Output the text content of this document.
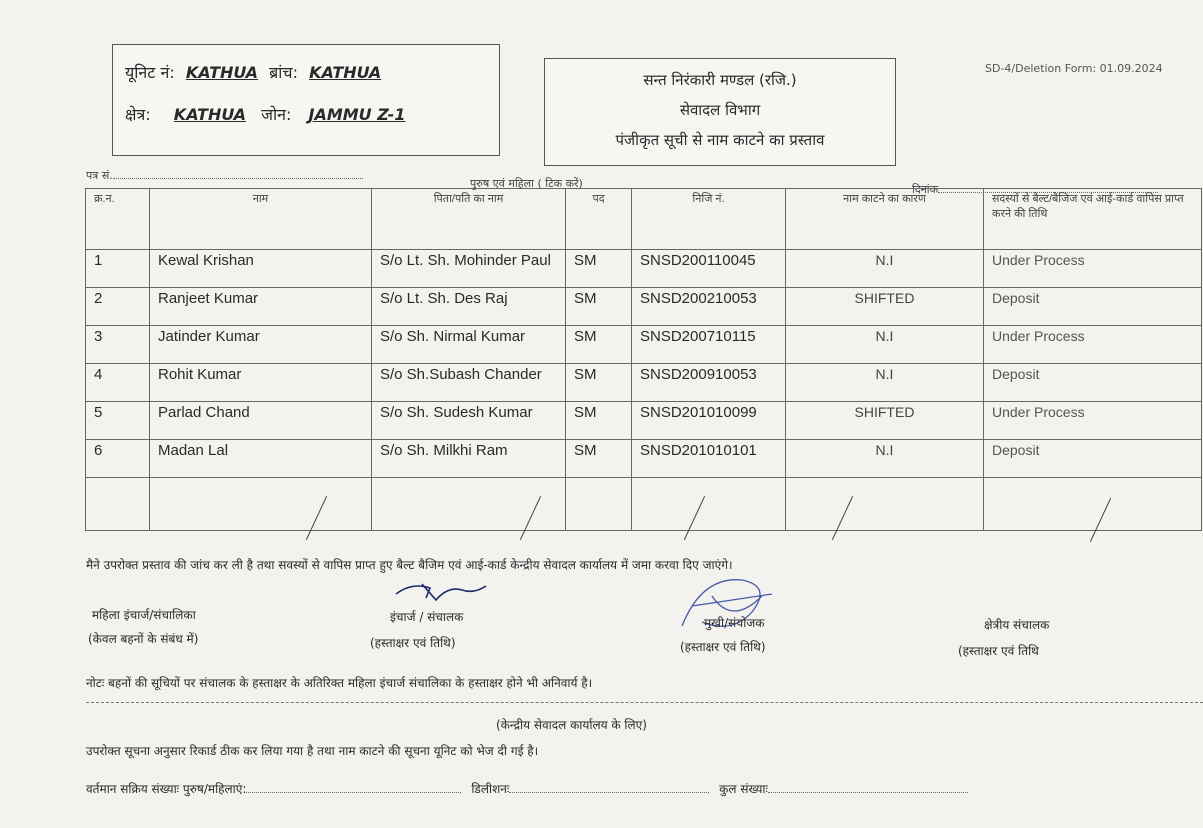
यूनिट नं: KATHUA ब्रांच: KATHUA
क्षेत्र: KATHUA जोन: JAMMU Z-1
सन्त निरंकारी मण्डल (रजि.)
सेवादल विभाग
पंजीकृत सूची से नाम काटने का प्रस्ताव
SD-4/Deletion Form: 01.09.2024
पत्र सं.
पुरुष एवं महिला ( टिक करें)	दिनांक
क्र.न.	नाम	पिता/पति का नाम	पद	निजि नं.	नाम काटने का कारण	सदस्यों से बैल्ट/बैजिज एवं आई-कार्ड वापिस प्राप्त करने की तिथि
1	Kewal Krishan	S/o Lt. Sh. Mohinder Paul	SM	SNSD200110045	N.I	Under Process
2	Ranjeet Kumar	S/o Lt. Sh. Des Raj	SM	SNSD200210053	SHIFTED	Deposit
3	Jatinder Kumar	S/o Sh. Nirmal Kumar	SM	SNSD200710115	N.I	Under Process
4	Rohit Kumar	S/o Sh.Subash Chander	SM	SNSD200910053	N.I	Deposit
5	Parlad Chand	S/o Sh. Sudesh Kumar	SM	SNSD201010099	SHIFTED	Under Process
6	Madan Lal	S/o Sh. Milkhi Ram	SM	SNSD201010101	N.I	Deposit

मैने उपरोक्त प्रस्ताव की जांच कर ली है तथा सवस्यों से वापिस प्राप्त हुए बैल्ट बैजिम एवं आई-कार्ड केन्द्रीय सेवादल कार्यालय में जमा करवा दिए जाएंगे।
महिला इंचार्ज/संचालिका
(केवल बहनों के संबंध में)
इंचार्ज / संचालक
(हस्ताक्षर एवं तिथि)
मुखी/संयोजक
(हस्ताक्षर एवं तिथि)
क्षेत्रीय संचालक
(हस्ताक्षर एवं तिथि
नोटः बहनों की सूचियों पर संचालक के हस्ताक्षर के अतिरिक्त महिला इंचार्ज संचालिका के हस्ताक्षर होने भी अनिवार्य है।
(केन्द्रीय सेवादल कार्यालय के लिए)
उपरोक्त सूचना अनुसार रिकार्ड ठीक कर लिया गया है तथा नाम काटने की सूचना यूनिट को भेज दी गई है।
वर्तमान सक्रिय संख्याः पुरुष/महिलाएं:	डिलीशनः	कुल संख्याः
